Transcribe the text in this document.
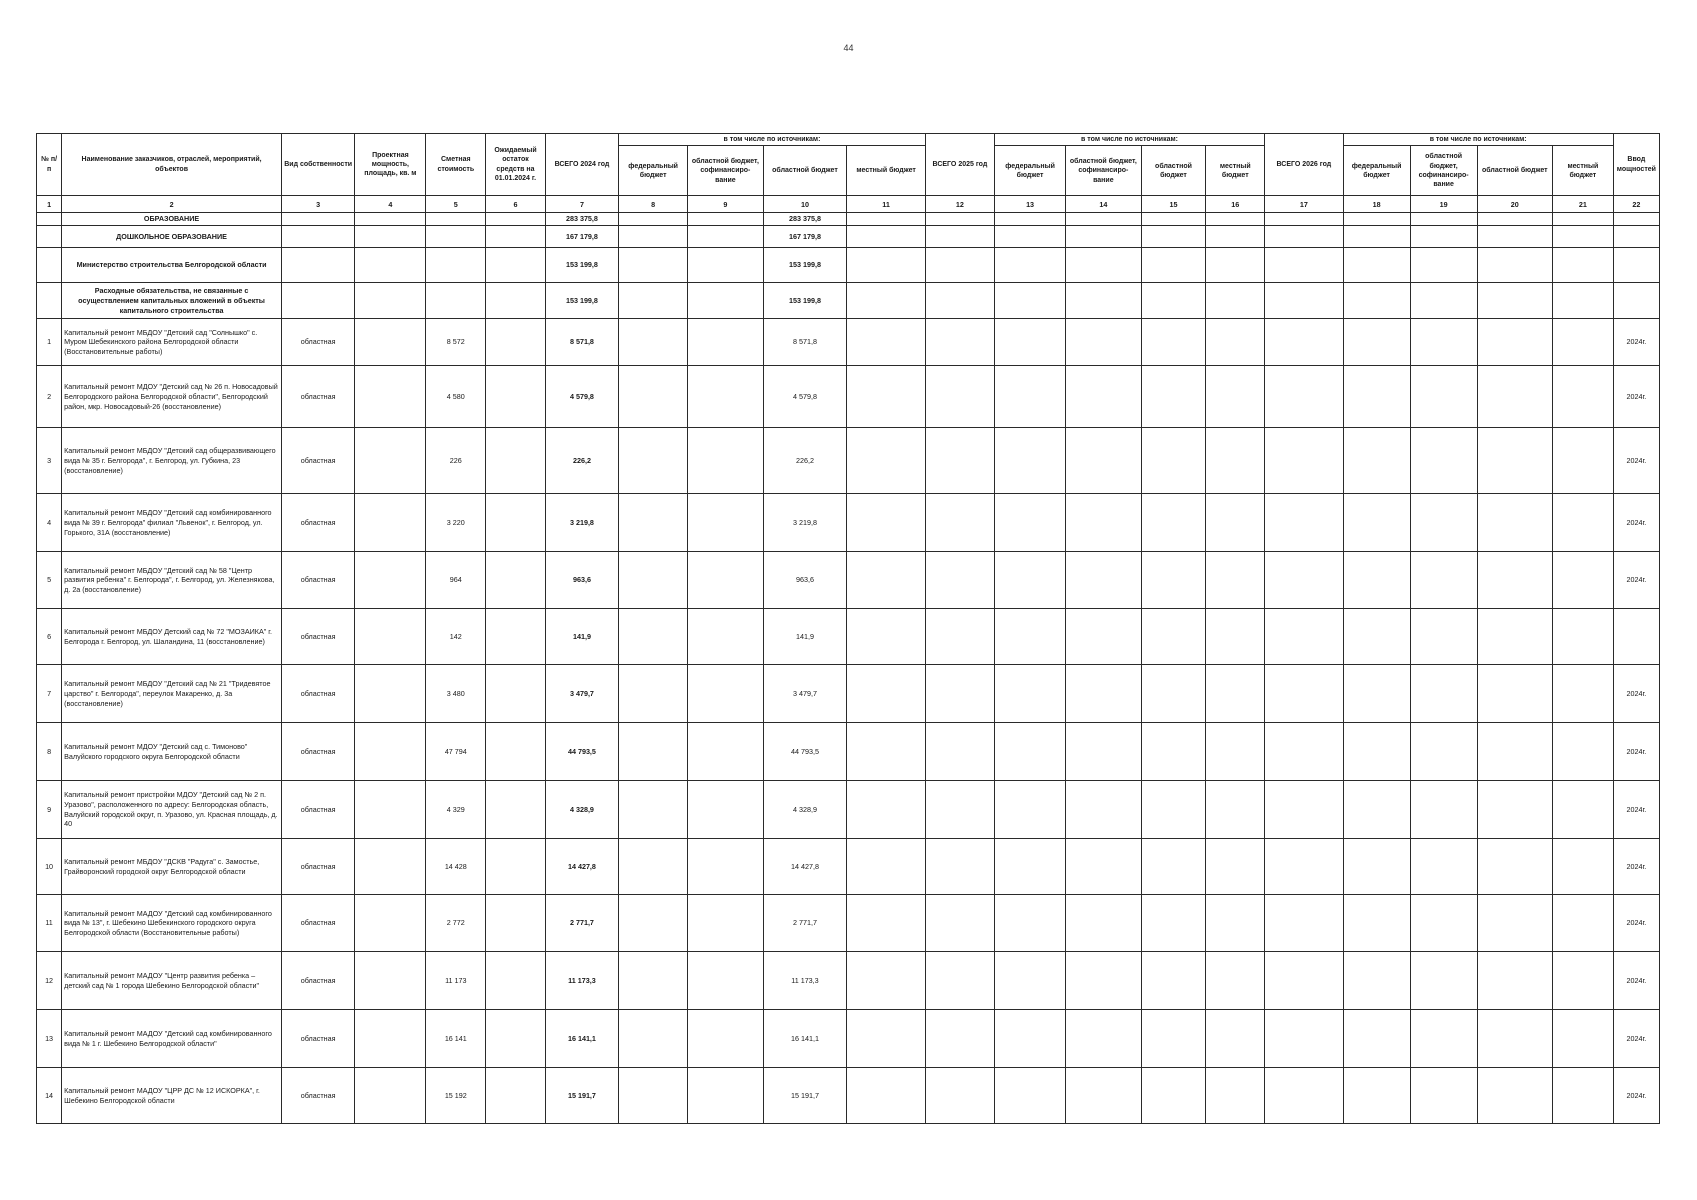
44
№ п/п	Наименование заказчиков, отраслей, мероприятий, объектов	Вид собственности	Проектная мощность, площадь, кв. м	Сметная стоимость	Ожидаемый остаток средств на 01.01.2024 г.	ВСЕГО 2024 год	в том числе по источникам:				ВСЕГО 2025 год	в том числе по источникам:				ВСЕГО 2026 год	в том числе по источникам:				Ввод мощностей
							федеральный бюджет	областной бюджет, софинансиро-вание	областной бюджет	местный бюджет		федеральный бюджет	областной бюджет, софинансиро-вание	областной бюджет	местный бюджет		федеральный бюджет	областной бюджет, софинансиро-вание	областной бюджет	местный бюджет	
1	2	3	4	5	6	7	8	9	10	11	12	13	14	15	16	17	18	19	20	21	22
	ОБРАЗОВАНИЕ					283 375,8			283 375,8												
	ДОШКОЛЬНОЕ ОБРАЗОВАНИЕ					167 179,8			167 179,8												
	Министерство строительства Белгородской области					153 199,8			153 199,8												
	Расходные обязательства, не связанные с осуществлением капитальных вложений в объекты капитального строительства					153 199,8			153 199,8												
1	Капитальный ремонт МБДОУ "Детский сад "Солнышко" с. Муром Шебекинского района Белгородской области (Восстановительные работы)	областная		8 572		8 571,8			8 571,8												2024г.
2	Капитальный ремонт МДОУ "Детский сад № 26 п. Новосадовый Белгородского района Белгородской области", Белгородский район, мкр. Новосадовый-26 (восстановление)	областная		4 580		4 579,8			4 579,8												2024г.
3	Капитальный ремонт МБДОУ "Детский сад общеразвивающего вида № 35 г. Белгорода", г. Белгород, ул. Губкина, 23 (восстановление)	областная		226		226,2			226,2												2024г.
4	Капитальный ремонт МБДОУ "Детский сад комбинированного вида № 39 г. Белгорода" филиал "Львенок", г. Белгород, ул. Горького, 31А (восстановление)	областная		3 220		3 219,8			3 219,8												2024г.
5	Капитальный ремонт МБДОУ "Детский сад № 58 "Центр развития ребенка" г. Белгорода", г. Белгород, ул. Железнякова, д. 2а (восстановление)	областная		964		963,6			963,6												2024г.
6	Капитальный ремонт МБДОУ Детский сад № 72 "МОЗАИКА" г. Белгорода г. Белгород, ул. Шаландина, 11 (восстановление)	областная		142		141,9			141,9												
7	Капитальный ремонт МБДОУ "Детский сад № 21 "Тридевятое царство" г. Белгорода", переулок Макаренко, д. 3а (восстановление)	областная		3 480		3 479,7			3 479,7												2024г.
8	Капитальный ремонт МДОУ "Детский сад с. Тимоново" Валуйского городского округа Белгородской области	областная		47 794		44 793,5			44 793,5												2024г.
9	Капитальный ремонт пристройки МДОУ "Детский сад № 2 п. Уразово", расположенного по адресу: Белгородская область, Валуйский городской округ, п. Уразово, ул. Красная площадь, д. 40	областная		4 329		4 328,9			4 328,9												2024г.
10	Капитальный ремонт МБДОУ "ДСКВ "Радуга" с. Замостье, Грайворонский городской округ Белгородской области	областная		14 428		14 427,8			14 427,8												2024г.
11	Капитальный ремонт МАДОУ "Детский сад комбинированного вида № 13", г. Шебекино Шебекинского городского округа Белгородской области (Восстановительные работы)	областная		2 772		2 771,7			2 771,7												2024г.
12	Капитальный ремонт МАДОУ "Центр развития ребенка – детский сад № 1 города Шебекино Белгородской области"	областная		11 173		11 173,3			11 173,3												2024г.
13	Капитальный ремонт МАДОУ "Детский сад комбинированного вида № 1 г. Шебекино Белгородской области"	областная		16 141		16 141,1			16 141,1												2024г.
14	Капитальный ремонт МАДОУ "ЦРР ДС № 12 ИСКОРКА", г. Шебекино Белгородской области	областная		15 192		15 191,7			15 191,7												2024г.
